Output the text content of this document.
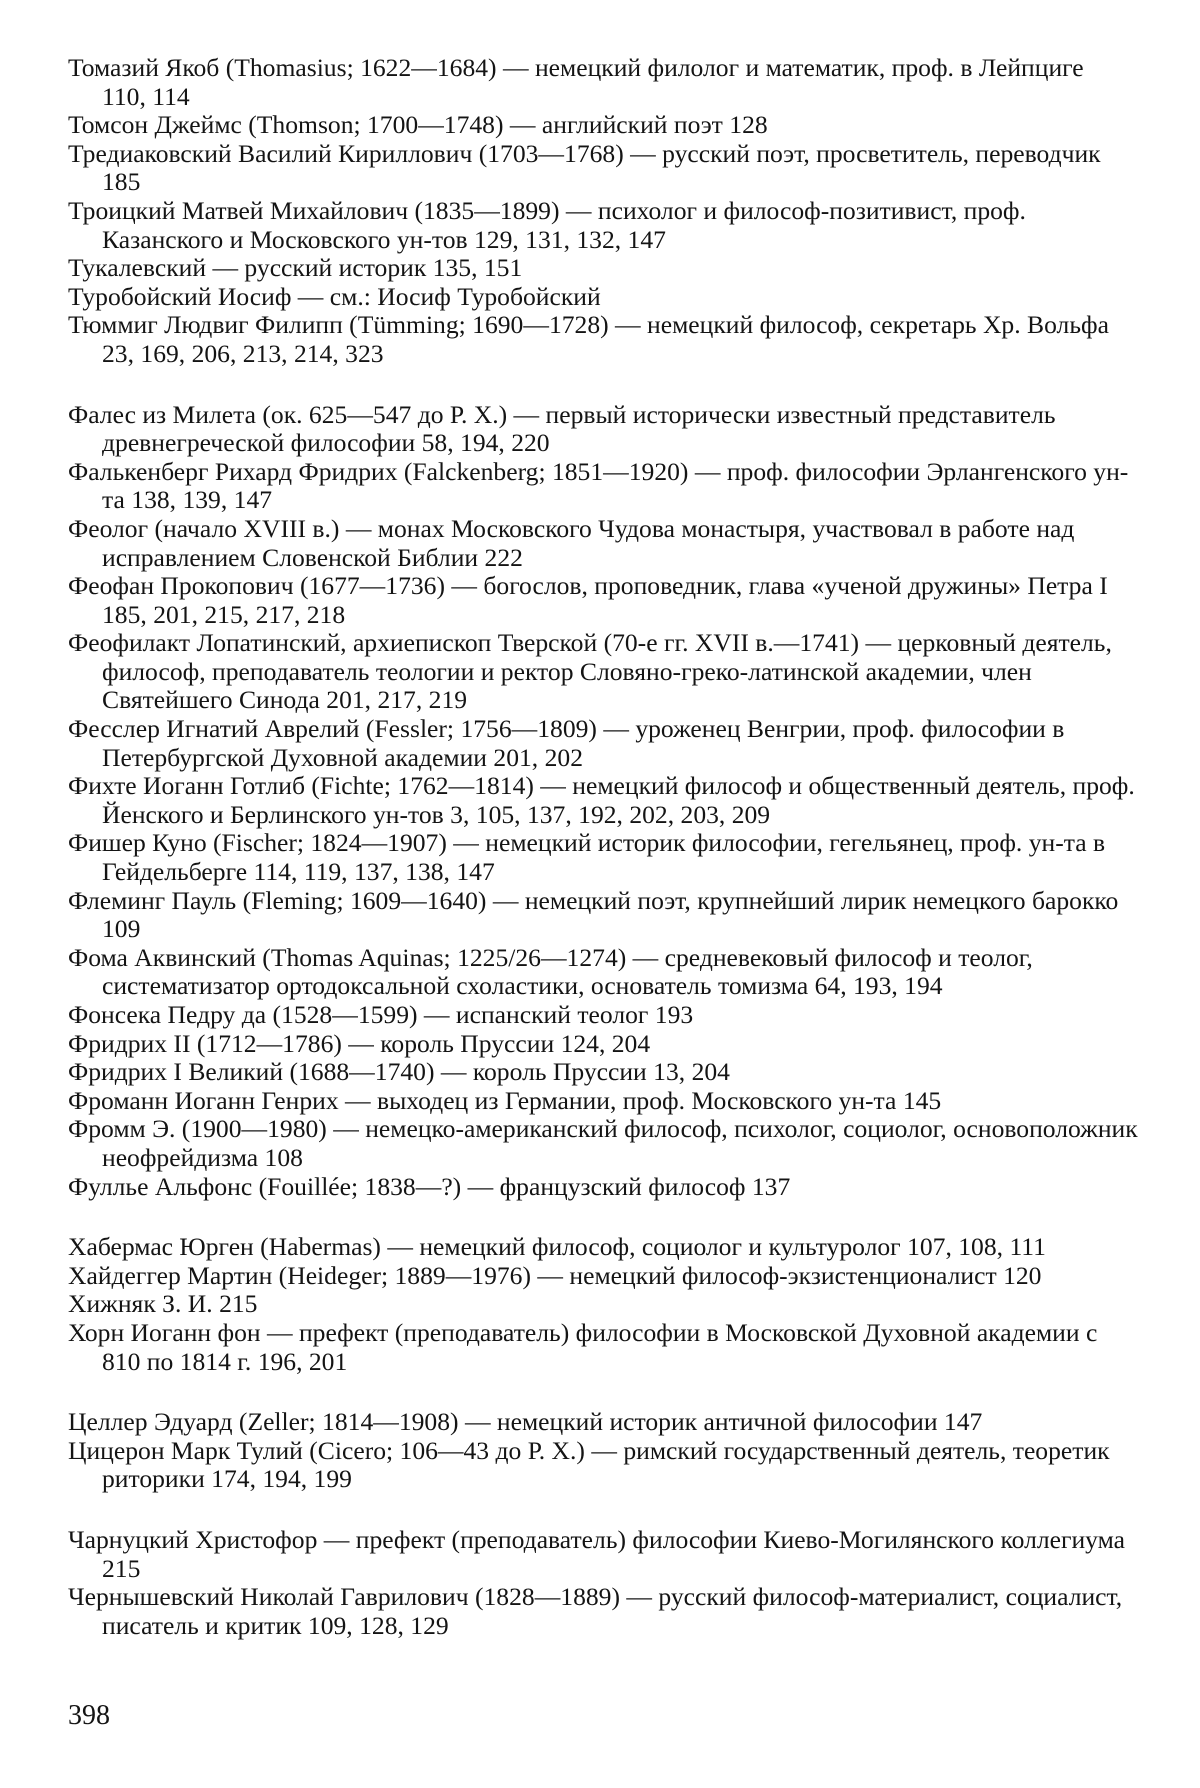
Томазий Якоб (Thomasius; 1622—1684) — немецкий филолог и математик, проф. в Лейпциге110, 114
Томсон Джеймс (Thomson; 1700—1748) — английский поэт 128
Тредиаковский Василий Кириллович (1703—1768) — русский поэт, просветитель, переводчик185
Троицкий Матвей Михайлович (1835—1899) — психолог и философ-позитивист, проф. Казанского и Московского ун-тов 129, 131, 132, 147
Тукалевский — русский историк 135, 151
Туробойский Иосиф — см.: Иосиф Туробойский
Тюммиг Людвиг Филипп (Tümming; 1690—1728) — немецкий философ, секретарь Хр. Вольфа23, 169, 206, 213, 214, 323
Фалес из Милета (ок. 625—547 до Р. Х.) — первый исторически известный представитель древнегреческой философии 58, 194, 220
Фалькенберг Рихард Фридрих (Falckenberg; 1851—1920) — проф. философии Эрлангенского ун-та 138, 139, 147
Феолог (начало XVIII в.) — монах Московского Чудова монастыря, участвовал в работе над исправлением Словенской Библии 222
Феофан Прокопович (1677—1736) — богослов, проповедник, глава «ученой дружины» Петра I185, 201, 215, 217, 218
Феофилакт Лопатинский, архиепископ Тверской (70-е гг. XVII в.—1741) — церковный деятель, философ, преподаватель теологии и ректор Словяно-греко-латинской академии, член Святейшего Синода 201, 217, 219
Фесслер Игнатий Аврелий (Fessler; 1756—1809) — уроженец Венгрии, проф. философии в Петербургской Духовной академии 201, 202
Фихте Иоганн Готлиб (Fichte; 1762—1814) — немецкий философ и общественный деятель, проф. Йенского и Берлинского ун-тов 3, 105, 137, 192, 202, 203, 209
Фишер Куно (Fischer; 1824—1907) — немецкий историк философии, гегельянец, проф. ун-та в Гейдельберге 114, 119, 137, 138, 147
Флеминг Пауль (Fleming; 1609—1640) — немецкий поэт, крупнейший лирик немецкого барокко109
Фома Аквинский (Thomas Aquinas; 1225/26—1274) — средневековый философ и теолог, систематизатор ортодоксальной схоластики, основатель томизма 64, 193, 194
Фонсека Педру да (1528—1599) — испанский теолог 193
Фридрих II (1712—1786) — король Пруссии 124, 204
Фридрих I Великий (1688—1740) — король Пруссии 13, 204
Фроманн Иоганн Генрих — выходец из Германии, проф. Московского ун-та 145
Фромм Э. (1900—1980) — немецко-американский философ, психолог, социолог, основоположник неофрейдизма 108
Фуллье Альфонс (Fouillée; 1838—?) — французский философ 137
Хабермас Юрген (Habermas) — немецкий философ, социолог и культуролог 107, 108, 111
Хайдеггер Мартин (Heideger; 1889—1976) — немецкий философ-экзистенционалист 120
Хижняк З. И. 215
Хорн Иоганн фон — префект (преподаватель) философии в Московской Духовной академии с 810 по 1814 г. 196, 201
Целлер Эдуард (Zeller; 1814—1908) — немецкий историк античной философии 147
Цицерон Марк Тулий (Cicero; 106—43 до Р. Х.) — римский государственный деятель, теоретик риторики 174, 194, 199
Чарнуцкий Христофор — префект (преподаватель) философии Киево-Могилянского коллегиума215
Чернышевский Николай Гаврилович (1828—1889) — русский философ-материалист, социалист, писатель и критик 109, 128, 129
398
